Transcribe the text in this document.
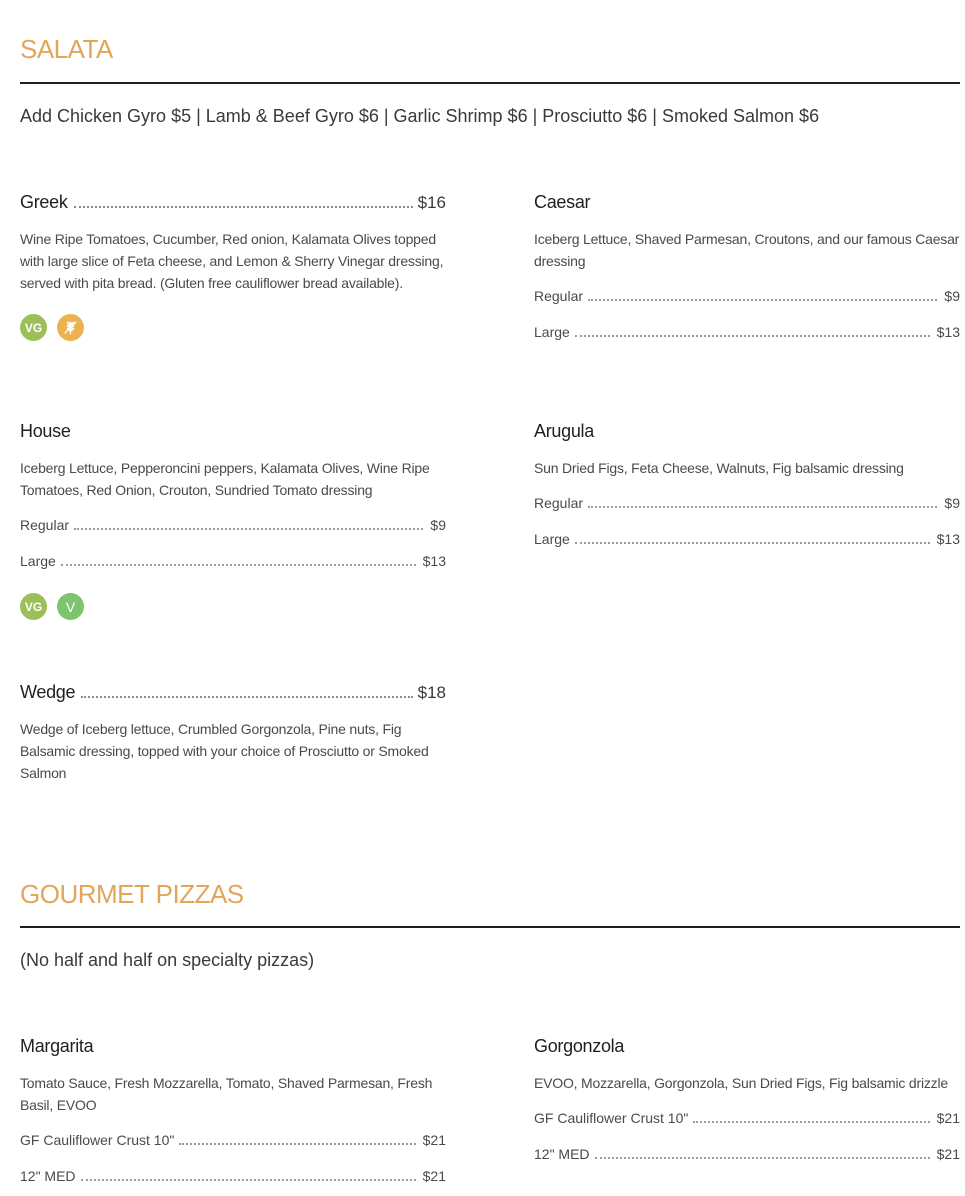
SALATA
Add Chicken Gyro $5 | Lamb & Beef Gyro $6 | Garlic Shrimp $6 | Prosciutto $6 | Smoked Salmon $6
Greek	$16
Wine Ripe Tomatoes, Cucumber, Red onion, Kalamata Olives topped with large slice of Feta cheese, and Lemon & Sherry Vinegar dressing, served with pita bread. (Gluten free cauliflower bread available).
VG
Caesar
Iceberg Lettuce, Shaved Parmesan, Croutons, and our famous Caesar dressing
Regular	$9
Large	$13
House
Iceberg Lettuce, Pepperoncini peppers, Kalamata Olives, Wine Ripe Tomatoes, Red Onion, Crouton, Sundried Tomato dressing
Regular	$9
Large	$13
VG	V
Arugula
Sun Dried Figs, Feta Cheese, Walnuts, Fig balsamic dressing
Regular	$9
Large	$13
Wedge	$18
Wedge of Iceberg lettuce, Crumbled Gorgonzola, Pine nuts, Fig Balsamic dressing, topped with your choice of Prosciutto or Smoked Salmon
GOURMET PIZZAS
(No half and half on specialty pizzas)
Margarita
Tomato Sauce, Fresh Mozzarella, Tomato, Shaved Parmesan, Fresh Basil, EVOO
GF Cauliflower Crust 10"	$21
12" MED	$21
Gorgonzola
EVOO, Mozzarella, Gorgonzola, Sun Dried Figs, Fig balsamic drizzle
GF Cauliflower Crust 10"	$21
12" MED	$21
